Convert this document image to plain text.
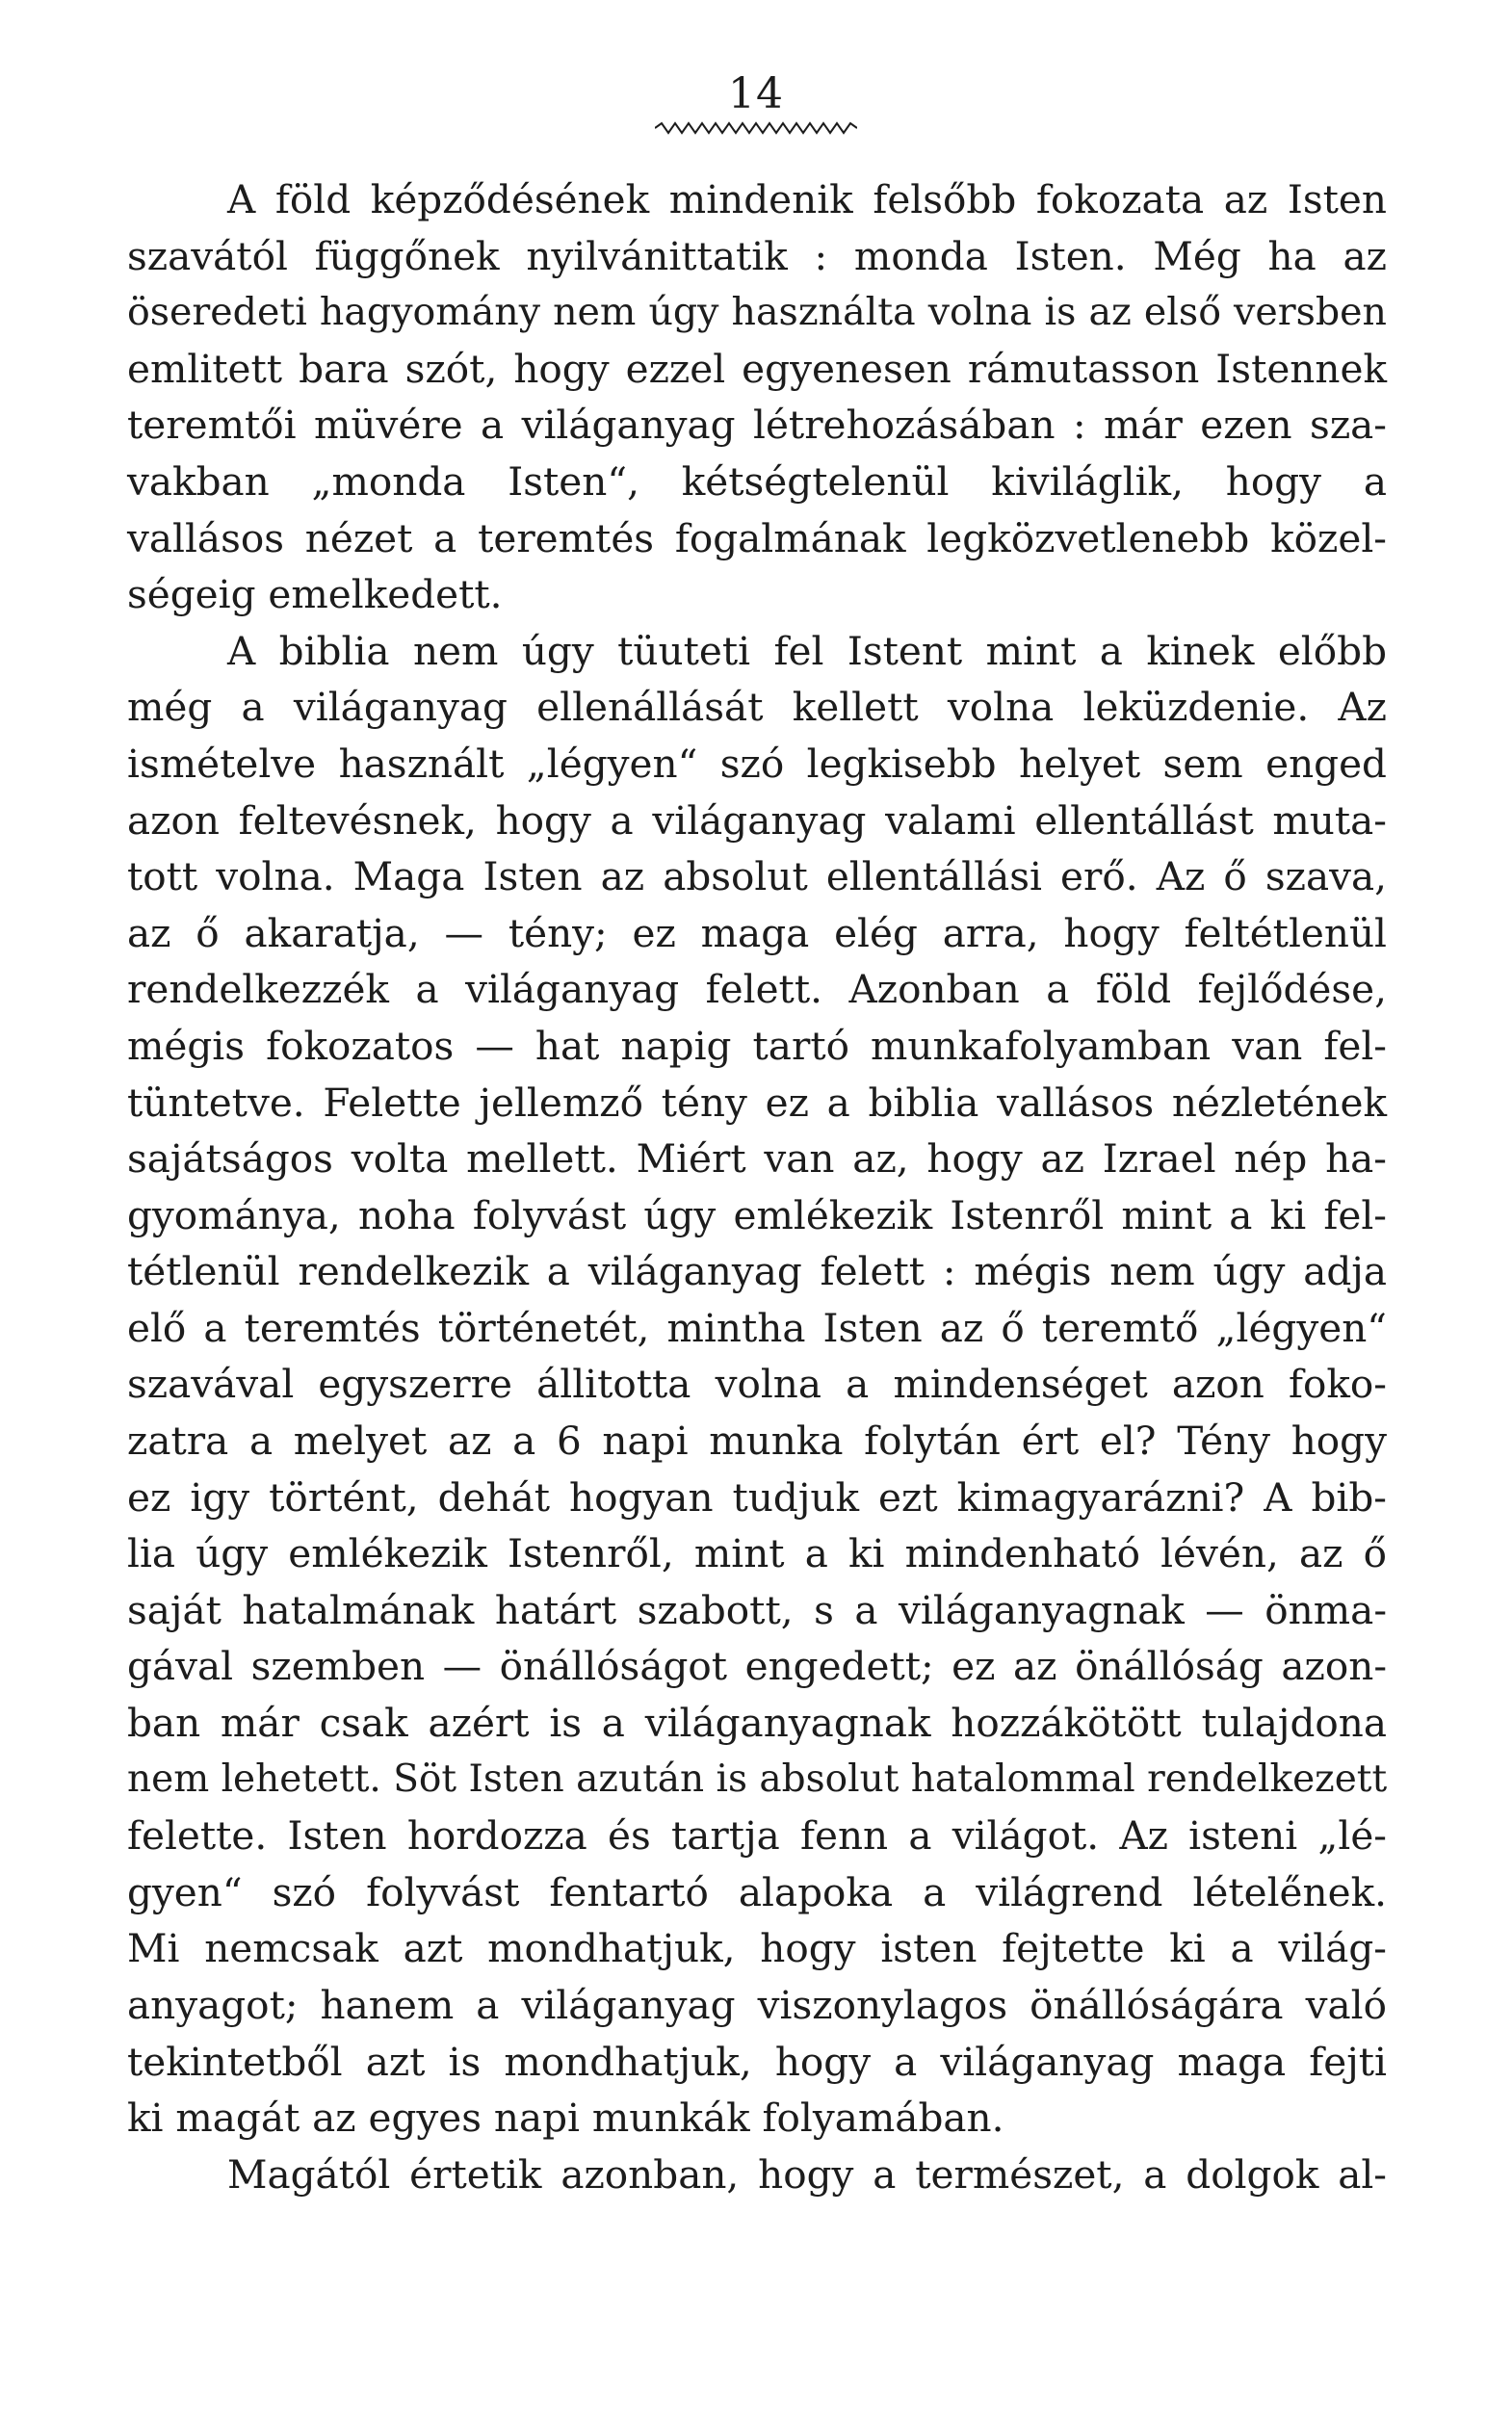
14
A föld képződésének mindenik felsőbb fokozata az Isten
szavától függőnek nyilvánittatik : monda Isten. Még ha az
öseredeti hagyomány nem úgy használta volna is az első versben
emlitett bara szót, hogy ezzel egyenesen rámutasson Istennek
teremtői müvére a világanyag létrehozásában : már ezen sza-
vakban „monda Isten“, kétségtelenül kiviláglik, hogy a
vallásos nézet a teremtés fogalmának legközvetlenebb közel-
ségeig emelkedett.
A biblia nem úgy tüuteti fel Istent mint a kinek előbb
még a világanyag ellenállását kellett volna leküzdenie. Az
ismételve használt „légyen“ szó legkisebb helyet sem enged
azon feltevésnek, hogy a világanyag valami ellentállást muta-
tott volna. Maga Isten az absolut ellentállási erő. Az ő szava,
az ő akaratja, — tény; ez maga elég arra, hogy feltétlenül
rendelkezzék a világanyag felett. Azonban a föld fejlődése,
mégis fokozatos — hat napig tartó munkafolyamban van fel-
tüntetve. Felette jellemző tény ez a biblia vallásos nézletének
sajátságos volta mellett. Miért van az, hogy az Izrael nép ha-
gyománya, noha folyvást úgy emlékezik Istenről mint a ki fel-
tétlenül rendelkezik a világanyag felett : mégis nem úgy adja
elő a teremtés történetét, mintha Isten az ő teremtő „légyen“
szavával egyszerre állitotta volna a mindenséget azon foko-
zatra a melyet az a 6 napi munka folytán ért el? Tény hogy
ez igy történt, dehát hogyan tudjuk ezt kimagyarázni? A bib-
lia úgy emlékezik Istenről, mint a ki mindenható lévén, az ő
saját hatalmának határt szabott, s a világanyagnak — önma-
gával szemben — önállóságot engedett; ez az önállóság azon-
ban már csak azért is a világanyagnak hozzákötött tulajdona
nem lehetett. Söt Isten azután is absolut hatalommal rendelkezett
felette. Isten hordozza és tartja fenn a világot. Az isteni „lé-
gyen“ szó folyvást fentartó alapoka a világrend létele̋nek.
Mi nemcsak azt mondhatjuk, hogy isten fejtette ki a világ-
anyagot; hanem a világanyag viszonylagos önállóságára való
tekintetből azt is mondhatjuk, hogy a világanyag maga fejti
ki magát az egyes napi munkák folyamában.
Magától értetik azonban, hogy a természet, a dolgok al-
